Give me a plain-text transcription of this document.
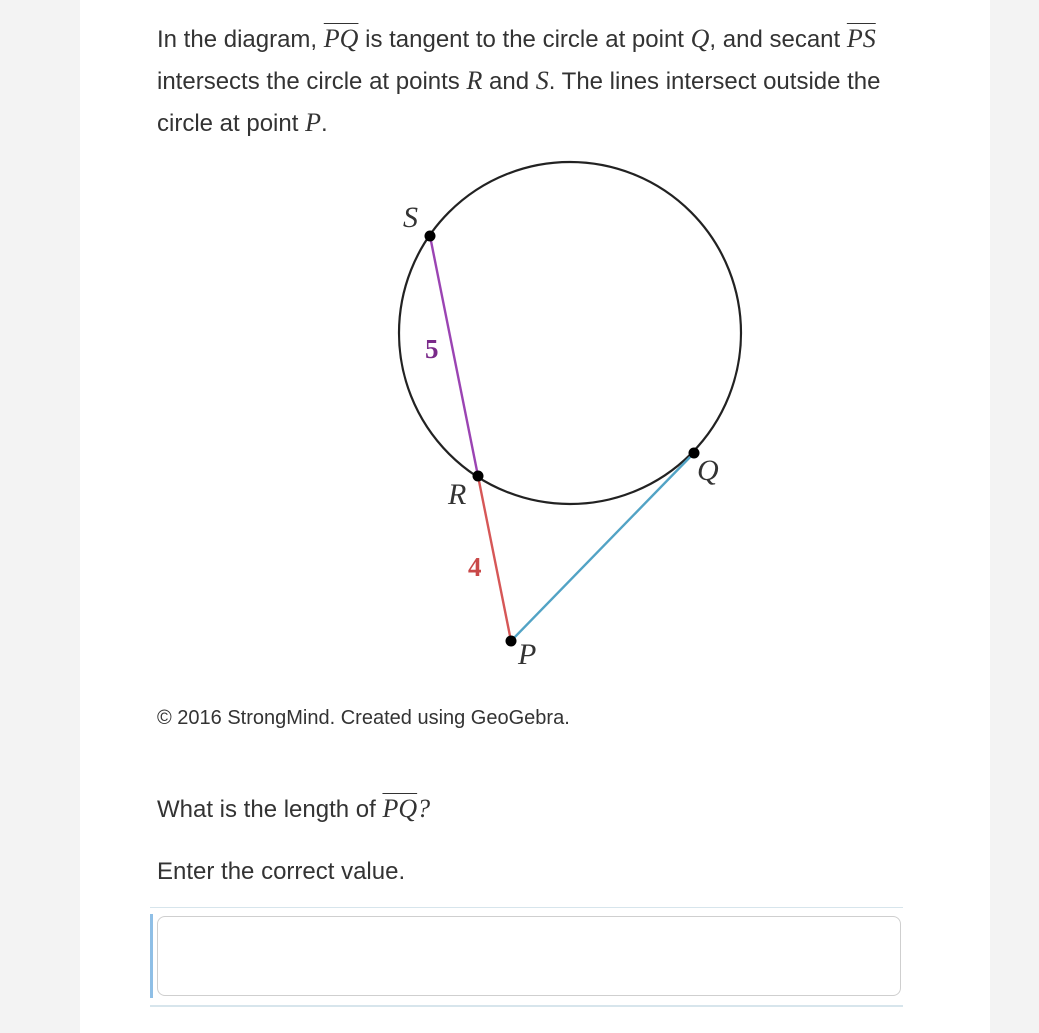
In the diagram, $\overline{PQ}$ is tangent to the circle at point Q, and secant $\overline{PS}$ intersects the circle at points R and S. The lines intersect outside the circle at point P.
S
5
R
4
Q
P
© 2016 StrongMind. Created using GeoGebra.
What is the length of $\overline{PQ}$?
Enter the correct value.
